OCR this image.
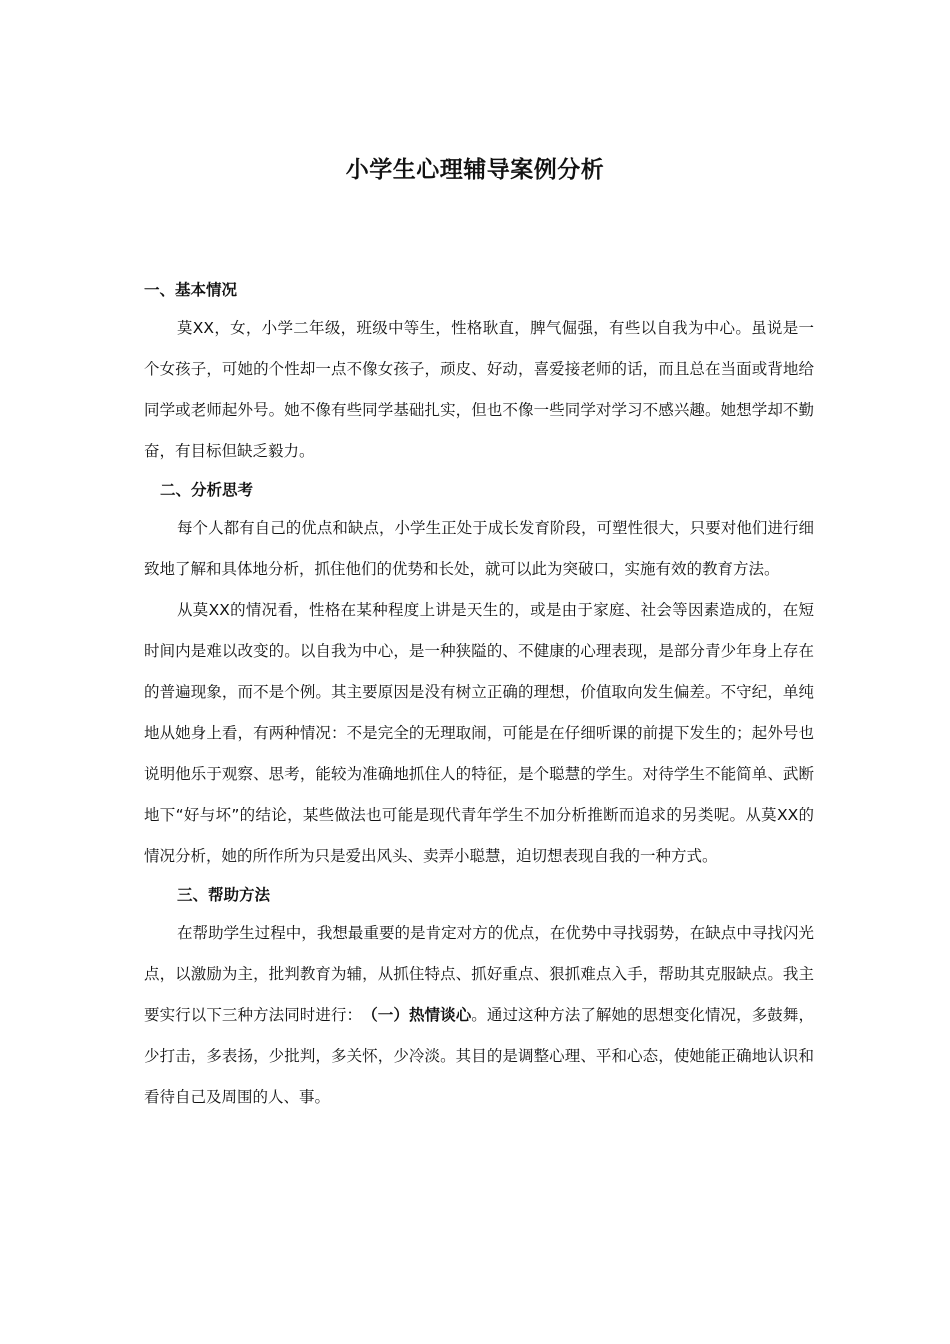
小学生心理辅导案例分析
一、基本情况

莫XX，女，小学二年级，班级中等生，性格耿直，脾气倔强，有些以自我为中心。虽说是一个女孩子，可她的个性却一点不像女孩子，顽皮、好动，喜爱接老师的话，而且总在当面或背地给同学或老师起外号。她不像有些同学基础扎实，但也不像一些同学对学习不感兴趣。她想学却不勤奋，有目标但缺乏毅力。

二、分析思考

每个人都有自己的优点和缺点，小学生正处于成长发育阶段，可塑性很大，只要对他们进行细致地了解和具体地分析，抓住他们的优势和长处，就可以此为突破口，实施有效的教育方法。

从莫XX的情况看，性格在某种程度上讲是天生的，或是由于家庭、社会等因素造成的，在短时间内是难以改变的。以自我为中心，是一种狭隘的、不健康的心理表现，是部分青少年身上存在的普遍现象，而不是个例。其主要原因是没有树立正确的理想，价值取向发生偏差。不守纪，单纯地从她身上看，有两种情况：不是完全的无理取闹，可能是在仔细听课的前提下发生的；起外号也说明他乐于观察、思考，能较为准确地抓住人的特征，是个聪慧的学生。对待学生不能简单、武断地下“好与坏”的结论，某些做法也可能是现代青年学生不加分析推断而追求的另类呢。从莫XX的情况分析，她的所作所为只是爱出风头、卖弄小聪慧，迫切想表现自我的一种方式。

三、帮助方法

在帮助学生过程中，我想最重要的是肯定对方的优点，在优势中寻找弱势，在缺点中寻找闪光点，以激励为主，批判教育为辅，从抓住特点、抓好重点、狠抓难点入手，帮助其克服缺点。我主要实行以下三种方法同时进行：　 （一）热情谈心。通过这种方法了解她的思想变化情况，多鼓舞，少打击，多表扬，少批判，多关怀，少冷淡。其目的是调整心理、平和心态，使她能正确地认识和看待自己及周围的人、事。
